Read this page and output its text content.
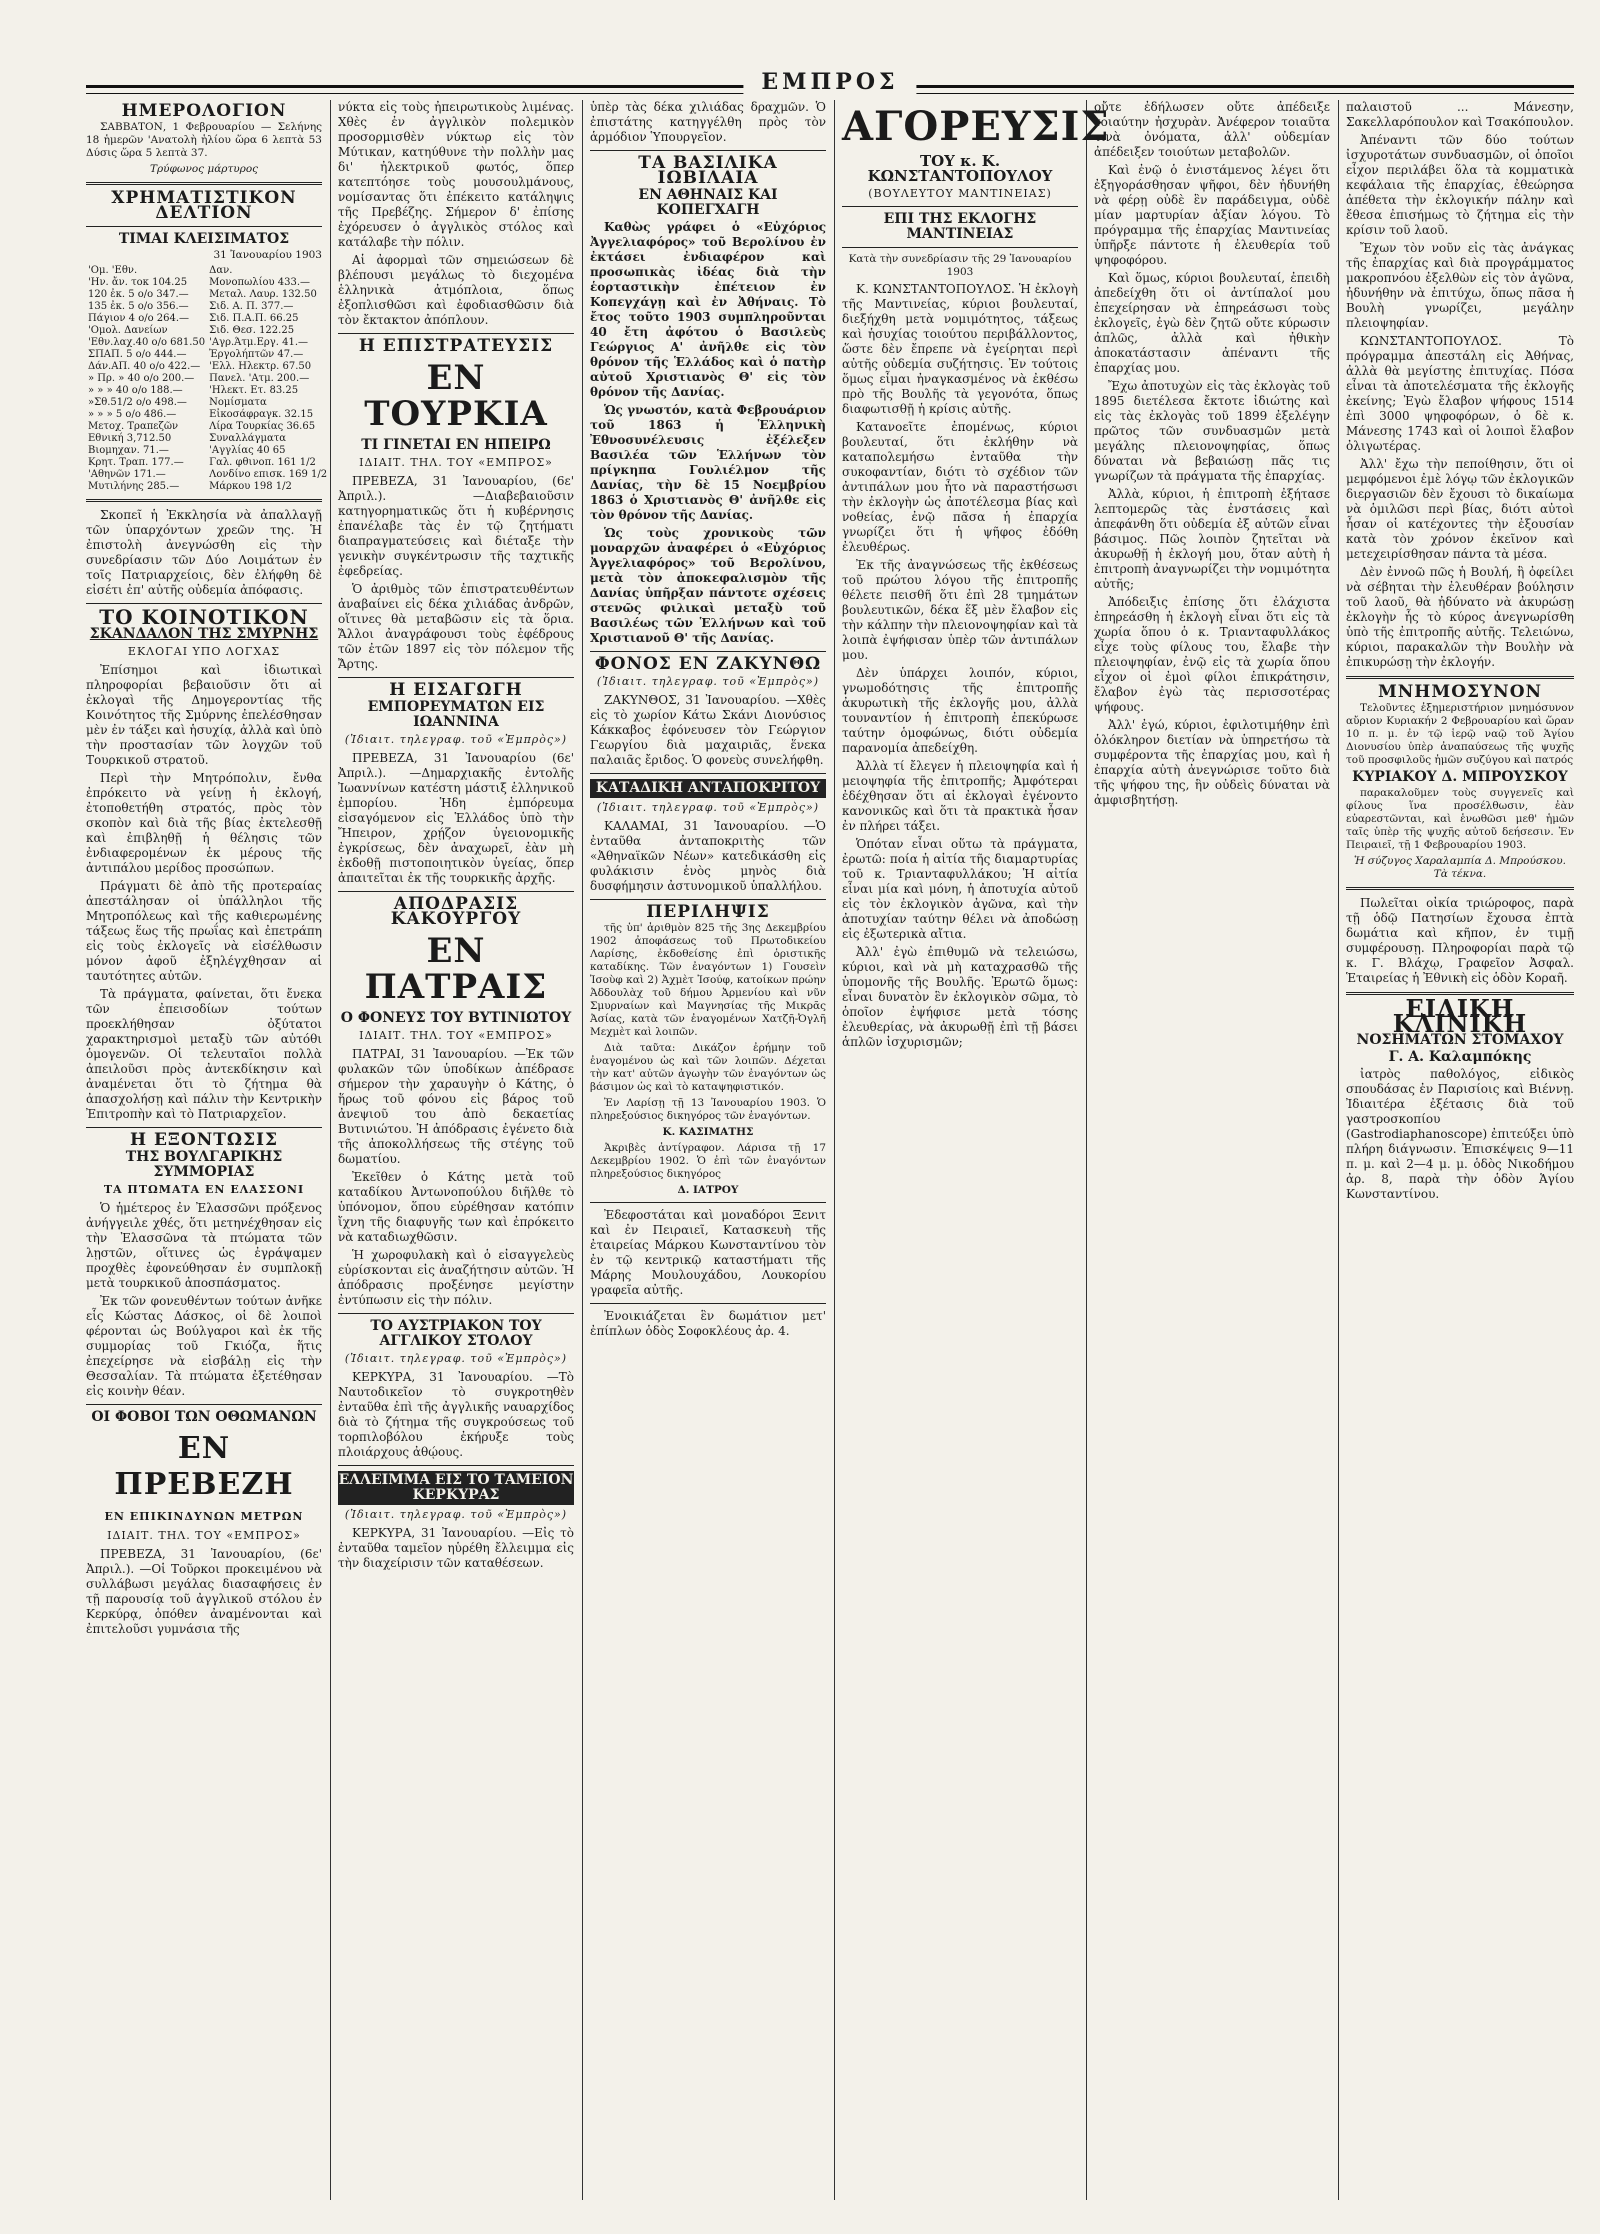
ΕΜΠΡΟΣ
ΗΜΕΡΟΛΟΓΙΟΝ

ΣΑΒΒΑΤΟΝ, 1 Φεβρουαρίου — Σελήνης 18 ἡμερῶν 'Ανατολὴ ἡλίου ὥρα 6 λεπτὰ 53 Δύσις ὥρα 5 λεπτὰ 37.

Τρύφωνος μάρτυρος

ΧΡΗΜΑΤΙΣΤΙΚΟΝ ΔΕΛΤΙΟΝ
ΤΙΜΑΙ ΚΛΕΙΣΙΜΑΤΟΣ

31 Ἰανουαρίου 1903

'Ομ. 'Εθν.	Δαν.
'Ην. ἄν. τοκ 104.25	Μονοπωλίου 433.—
120 ἐκ. 5 ο/ο 347.—	Μεταλ. Λαυρ. 132.50
135 ἐκ. 5 ο/ο 356.—	Σιδ. Α. Π. 377.—
Πάγιον 4 ο/ο 264.—	Σιδ. Π.Α.Π. 66.25
'Ομολ. Δανείων	Σιδ. Θεσ. 122.25
'Εθν.λαχ.40 ο/ο 681.50	'Αγρ.Άτμ.Εργ. 41.—
ΣΠΑΠ. 5 ο/ο 444.—	Ἐργολήπτῶν 47.—
Δάν.ΑΠ. 40 ο/ο 422.—	'Ελλ. Ηλεκτρ. 67.50
» Πρ. » 40 ο/ο 200.—	Πανελ. 'Ατμ. 200.—
» » » 40 ο/ο 188.—	'Ηλεκτ. Ετ. 83.25
»Σθ.51/2 ο/ο 498.—	Νομίσματα
» » » 5 ο/ο 486.—	Εἰκοσάφραγκ. 32.15
Μετοχ. Τραπεζῶν	Λίρα Τουρκίας 36.65
Εθνική 3,712.50	Συναλλάγματα
Βιομηχαν. 71.—	'Αγγλίας 40 65
Κρητ. Τραπ. 177.—	Γαλ. φθινοπ. 161 1/2
'Αθηνῶν 171.—	Λονδίνο επισκ. 169 1/2
Μυτιλήνης 285.—	Μάρκου 198 1/2

Σκοπεῖ ἡ Ἐκκλησία νὰ ἀπαλλαγῇ τῶν ὑπαρχόντων χρεῶν της. Ἡ ἐπιστολὴ ἀνεγνώσθη εἰς τὴν συνεδρίασιν τῶν Δύο Λοιμάτων ἐν τοῖς Πατριαρχείοις, δὲν ἐλήφθη δὲ εἰσέτι ἐπ' αὐτῆς οὐδεμία ἀπόφασις.

ΤΟ ΚΟΙΝΟΤΙΚΟΝ
ΣΚΑΝΔΑΛΟΝ ΤΗΣ ΣΜΥΡΝΗΣ
ΕΚΛΟΓΑΙ ΥΠΟ ΛΟΓΧΑΣ

Ἐπίσημοι καὶ ἰδιωτικαὶ πληροφορίαι βεβαιοῦσιν ὅτι αἱ ἐκλογαὶ τῆς Δημογεροντίας τῆς Κοινότητος τῆς Σμύρνης ἐπελέσθησαν μὲν ἐν τάξει καὶ ἡσυχίᾳ, ἀλλὰ καὶ ὑπὸ τὴν προστασίαν τῶν λογχῶν τοῦ Τουρκικοῦ στρατοῦ.

Περὶ τὴν Μητρόπολιν, ἔνθα ἐπρόκειτο νὰ γείνῃ ἡ ἐκλογή, ἐτοποθετήθη στρατός, πρὸς τὸν σκοπὸν καὶ διὰ τῆς βίας ἐκτελεσθῇ καὶ ἐπιβληθῇ ἡ θέλησις τῶν ἐνδιαφερομένων ἐκ μέρους τῆς ἀντιπάλου μερίδος προσώπων.

Πράγματι δὲ ἀπὸ τῆς προτεραίας ἀπεστάλησαν οἱ ὑπάλληλοι τῆς Μητροπόλεως καὶ τῆς καθιερωμένης τάξεως ἕως τῆς πρωΐας καὶ ἐπετράπη εἰς τοὺς ἐκλογεῖς νὰ εἰσέλθωσιν μόνον ἀφοῦ ἐξηλέγχθησαν αἱ ταυτότητες αὐτῶν.

Τὰ πράγματα, φαίνεται, ὅτι ἔνεκα τῶν ἐπεισοδίων τούτων προεκλήθησαν ὀξύτατοι χαρακτηρισμοὶ μεταξὺ τῶν αὐτόθι ὁμογενῶν. Οἱ τελευταῖοι πολλὰ ἀπειλοῦσι πρὸς ἀντεκδίκησιν καὶ ἀναμένεται ὅτι τὸ ζήτημα θὰ ἀπασχολήσῃ καὶ πάλιν τὴν Κεντρικὴν Ἐπιτροπὴν καὶ τὸ Πατριαρχεῖον.

Η ΕΞΟΝΤΩΣΙΣ
ΤΗΣ ΒΟΥΛΓΑΡΙΚΗΣ ΣΥΜΜΟΡΙΑΣ
ΤΑ ΠΤΩΜΑΤΑ ΕΝ ΕΛΑΣΣΟΝΙ

Ὁ ἡμέτερος ἐν Ἐλασσῶνι πρόξενος ἀνήγγειλε χθές, ὅτι μετηνέχθησαν εἰς τὴν Ἐλασσῶνα τὰ πτώματα τῶν λῃστῶν, οἵτινες ὡς ἐγράψαμεν προχθὲς ἐφονεύθησαν ἐν συμπλοκῇ μετὰ τουρκικοῦ ἀποσπάσματος.

Ἐκ τῶν φονευθέντων τούτων ἀνῆκε εἷς Κώστας Δάσκος, οἱ δὲ λοιποὶ φέρονται ὡς Βούλγαροι καὶ ἐκ τῆς συμμορίας τοῦ Γκιόζα, ἥτις ἐπεχείρησε νὰ εἰσβάλῃ εἰς τὴν Θεσσαλίαν. Τὰ πτώματα ἐξετέθησαν εἰς κοινὴν θέαν.

ΟΙ ΦΟΒΟΙ ΤΩΝ ΟΘΩΜΑΝΩΝ
ΕΝ ΠΡΕΒΕΖΗ
ΕΝ ΕΠΙΚΙΝΔΥΝΩΝ ΜΕΤΡΩΝ
ΙΔΙΑΙΤ. ΤΗΛ. ΤΟΥ «ΕΜΠΡΟΣ»

ΠΡΕΒΕΖΑ, 31 Ἰανουαρίου, (6ε' Ἀπριλ.). —Οἱ Τοῦρκοι προκειμένου νὰ συλλάβωσι μεγάλας διασαφήσεις ἐν τῇ παρουσίᾳ τοῦ ἀγγλικοῦ στόλου ἐν Κερκύρᾳ, ὁπόθεν ἀναμένονται καὶ ἐπιτελοῦσι γυμνάσια τῆς

νύκτα εἰς τοὺς ἠπειρωτικοὺς λιμένας. Χθὲς ἐν ἀγγλικὸν πολεμικὸν προσορμισθὲν νύκτωρ εἰς τὸν Μύτικαν, κατηύθυνε τὴν πολλὴν μας δι' ἠλεκτρικοῦ φωτός, ὅπερ κατεπτόησε τοὺς μουσουλμάνους, νομίσαντας ὅτι ἐπέκειτο κατάληψις τῆς Πρεβέζης. Σήμερον δ' ἐπίσης ἐχόρευσεν ὁ ἀγγλικὸς στόλος καὶ κατάλαβε τὴν πόλιν.

Αἱ ἀφορμαὶ τῶν σημειώσεων δὲ βλέπουσι μεγάλως τὸ διεχομένα ἑλληνικὰ ἀτμόπλοια, ὅπως ἐξοπλισθῶσι καὶ ἐφοδιασθῶσιν διὰ τὸν ἔκτακτον ἀπόπλουν.

Η ΕΠΙΣΤΡΑΤΕΥΣΙΣ
ΕΝ ΤΟΥΡΚΙΑ
ΤΙ ΓΙΝΕΤΑΙ ΕΝ ΗΠΕΙΡΩ
ΙΔΙΑΙΤ. ΤΗΛ. ΤΟΥ «ΕΜΠΡΟΣ»

ΠΡΕΒΕΖΑ, 31 Ἰανουαρίου, (6ε' Ἀπριλ.). —Διαβεβαιοῦσιν κατηγορηματικῶς ὅτι ἡ κυβέρνησις ἐπανέλαβε τὰς ἐν τῷ ζητήματι διαπραγματεύσεις καὶ διέταξε τὴν γενικὴν συγκέντρωσιν τῆς ταχτικῆς ἐφεδρείας.

Ὁ ἀριθμὸς τῶν ἐπιστρατευθέντων ἀναβαίνει εἰς δέκα χιλιάδας ἀνδρῶν, οἵτινες θὰ μεταβῶσιν εἰς τὰ ὅρια. Ἄλλοι ἀναγράφουσι τοὺς ἐφέδρους τῶν ἐτῶν 1897 εἰς τὸν πόλεμον τῆς Ἄρτης.

Η ΕΙΣΑΓΩΓΗ
ΕΜΠΟΡΕΥΜΑΤΩΝ ΕΙΣ ΙΩΑΝΝΙΝΑ
(Ἰδιαιτ. τηλεγραφ. τοῦ «Ἐμπρὸς»)

ΠΡΕΒΕΖΑ, 31 Ἰανουαρίου (6ε' Ἀπριλ.). —Δημαρχιακῆς ἐντολῆς Ἰωαννίνων κατέστη μάστιξ ἑλληνικοῦ ἐμπορίου. Ἡδη ἐμπόρευμα εἰσαγόμενον εἰς Ἑλλάδος ὑπὸ τὴν Ἤπειρον, χρῄζον ὑγειονομικῆς ἐγκρίσεως, δὲν ἀναχωρεῖ, ἐὰν μὴ ἐκδοθῇ πιστοποιητικὸν ὑγείας, ὅπερ ἀπαιτεῖται ἐκ τῆς τουρκικῆς ἀρχῆς.

ΑΠΟΔΡΑΣΙΣ ΚΑΚΟΥΡΓΟΥ
ΕΝ ΠΑΤΡΑΙΣ
Ο ΦΟΝΕΥΣ ΤΟΥ ΒΥΤΙΝΙΩΤΟΥ
ΙΔΙΑΙΤ. ΤΗΛ. ΤΟΥ «ΕΜΠΡΟΣ»

ΠΑΤΡΑΙ, 31 Ἰανουαρίου. —Ἐκ τῶν φυλακῶν τῶν ὑποδίκων ἀπέδρασε σήμερον τὴν χαραυγὴν ὁ Κάτης, ὁ ἥρως τοῦ φόνου εἰς βάρος τοῦ ἀνεψιοῦ του ἀπὸ δεκαετίας Βυτινιώτου. Ἡ ἀπόδρασις ἐγένετο διὰ τῆς ἀποκολλήσεως τῆς στέγης τοῦ δωματίου.

Ἐκεῖθεν ὁ Κάτης μετὰ τοῦ καταδίκου Ἀντωνοπούλου διῆλθε τὸ ὑπόνομον, ὅπου εὑρέθησαν κατόπιν ἴχνη τῆς διαφυγῆς των καὶ ἐπρόκειτο νὰ καταδιωχθῶσιν.

Ἡ χωροφυλακὴ καὶ ὁ εἰσαγγελεὺς εὑρίσκονται εἰς ἀναζήτησιν αὐτῶν. Ἡ ἀπόδρασις προξένησε μεγίστην ἐντύπωσιν εἰς τὴν πόλιν.

ΤΟ ΑΥΣΤΡΙΑΚΟΝ ΤΟΥ ΑΓΓΛΙΚΟΥ ΣΤΟΛΟΥ
(Ἰδιαιτ. τηλεγραφ. τοῦ «Ἐμπρὸς»)

ΚΕΡΚΥΡΑ, 31 Ἰανουαρίου. —Τὸ Ναυτοδικεῖον τὸ συγκροτηθὲν ἐνταῦθα ἐπὶ τῆς ἀγγλικῆς ναυαρχίδος διὰ τὸ ζήτημα τῆς συγκρούσεως τοῦ τορπιλοβόλου ἐκήρυξε τοὺς πλοιάρχους ἀθῴους.

ΕΛΛΕΙΜΜΑ ΕΙΣ ΤΟ ΤΑΜΕΙΟΝ ΚΕΡΚΥΡΑΣ
(Ἰδιαιτ. τηλεγραφ. τοῦ «Ἐμπρὸς»)

ΚΕΡΚΥΡΑ, 31 Ἰανουαρίου. —Εἰς τὸ ἐνταῦθα ταμεῖον ηὑρέθη ἔλλειμμα εἰς τὴν διαχείρισιν τῶν καταθέσεων.

ὑπὲρ τὰς δέκα χιλιάδας δραχμῶν. Ὁ ἐπιστάτης κατηγγέλθη πρὸς τὸν ἁρμόδιον Ὑπουργεῖον.

ΤΑ ΒΑΣΙΛΙΚΑ ΙΩΒΙΛΑΙΑ
ΕΝ ΑΘΗΝΑΙΣ ΚΑΙ ΚΟΠΕΓΧΑΓΗ

Καθὼς γράφει ὁ «Εὐχόριος Ἀγγελιαφόρος» τοῦ Βερολίνου ἐν ἐκτάσει ἐνδιαφέρον καὶ προσωπικὰς ἰδέας διὰ τὴν ἑορταστικὴν ἐπέτειον ἐν Κοπεγχάγῃ καὶ ἐν Ἀθήναις. Τὸ ἔτος τοῦτο 1903 συμπληροῦνται 40 ἔτη ἀφότου ὁ Βασιλεὺς Γεώργιος Α' ἀνῆλθε εἰς τὸν θρόνον τῆς Ἑλλάδος καὶ ὁ πατὴρ αὐτοῦ Χριστιανὸς Θ' εἰς τὸν θρόνον τῆς Δανίας.

Ὡς γνωστόν, κατὰ Φεβρουάριον τοῦ 1863 ἡ Ἑλληνικὴ Ἐθνοσυνέλευσις ἐξέλεξεν Βασιλέα τῶν Ἑλλήνων τὸν πρίγκηπα Γουλιέλμον τῆς Δανίας, τὴν δὲ 15 Νοεμβρίου 1863 ὁ Χριστιανὸς Θ' ἀνῆλθε εἰς τὸν θρόνον τῆς Δανίας.

Ὡς τοὺς χρονικοὺς τῶν μοναρχῶν ἀναφέρει ὁ «Εὐχόριος Ἀγγελιαφόρος» τοῦ Βερολίνου, μετὰ τὸν ἀποκεφαλισμὸν τῆς Δανίας ὑπῆρξαν πάντοτε σχέσεις στενῶς φιλικαὶ μεταξὺ τοῦ Βασιλέως τῶν Ἑλλήνων καὶ τοῦ Χριστιανοῦ Θ' τῆς Δανίας.

ΦΟΝΟΣ ΕΝ ΖΑΚΥΝΘΩ
(Ἰδιαιτ. τηλεγραφ. τοῦ «Ἐμπρὸς»)

ΖΑΚΥΝΘΟΣ, 31 Ἰανουαρίου. —Χθὲς εἰς τὸ χωρίον Κάτω Σκάνι Διονύσιος Κάκκαβος ἐφόνευσεν τὸν Γεώργιον Γεωργίου διὰ μαχαιριᾶς, ἕνεκα παλαιᾶς ἔριδος. Ὁ φονεὺς συνελήφθη.

ΚΑΤΑΔΙΚΗ ΑΝΤΑΠΟΚΡΙΤΟΥ
(Ἰδιαιτ. τηλεγραφ. τοῦ «Ἐμπρὸς»)

ΚΑΛΑΜΑΙ, 31 Ἰανουαρίου. —Ὁ ἐνταῦθα ἀνταποκριτὴς τῶν «Ἀθηναϊκῶν Νέων» κατεδικάσθη εἰς φυλάκισιν ἑνὸς μηνὸς διὰ δυσφήμησιν ἀστυνομικοῦ ὑπαλλήλου.

ΠΕΡΙΛΗΨΙΣ

τῆς ὑπ' ἀριθμὸν 825 τῆς 3ης Δεκεμβρίου 1902 ἀποφάσεως τοῦ Πρωτοδικείου Λαρίσης, ἐκδοθείσης ἐπὶ ὁριστικῆς καταδίκης. Τῶν ἐναγόντων 1) Γουσεὶν Ἰσοὺφ καὶ 2) Ἀχμὲτ Ἰσούφ, κατοίκων πρώην Ἀδδουλὰχ τοῦ δήμου Ἀρμενίου καὶ νῦν Σμυρναίων καὶ Μαγνησίας τῆς Μικρᾶς Ἀσίας, κατὰ τῶν ἐναγομένων Χατζῆ-Ὀγλῆ Μεχμὲτ καὶ λοιπῶν.

Διὰ ταῦτα: Δικάζον ἐρήμην τοῦ ἐναγομένου ὡς καὶ τῶν λοιπῶν. Δέχεται τὴν κατ' αὐτῶν ἀγωγὴν τῶν ἐναγόντων ὡς βάσιμον ὡς καὶ τὸ καταψηφιστικόν.

Ἐν Λαρίσῃ τῇ 13 Ἰανουαρίου 1903. Ὁ πληρεξούσιος δικηγόρος τῶν ἐναγόντων.

Κ. ΚΑΣΙΜΑΤΗΣ

Ἀκριβὲς ἀντίγραφον. Λάρισα τῇ 17 Δεκεμβρίου 1902. Ὁ ἐπὶ τῶν ἐναγόντων πληρεξούσιος δικηγόρος

Δ. ΙΑΤΡΟΥ

Ἐδεφοστάται καὶ μοναδόροι Ξενιτ καὶ ἐν Πειραιεῖ, Κατασκευὴ τῆς ἐταιρείας Μάρκου Κωνσταντίνου τὸν ἐν τῷ κεντρικῷ καταστήματι τῆς Μάρης Μουλουχάδου, Λουκορίου γραφεῖα αὐτῆς.

Ἐνοικιάζεται ἓν δωμάτιον μετ' ἐπίπλων ὁδὸς Σοφοκλέους ἀρ. 4.

ΑΓΟΡΕΥΣΙΣ
ΤΟΥ κ. Κ. ΚΩΝΣΤΑΝΤΟΠΟΥΛΟΥ
(ΒΟΥΛΕΥΤΟΥ ΜΑΝΤΙΝΕΙΑΣ)
ΕΠΙ ΤΗΣ ΕΚΛΟΓΗΣ ΜΑΝΤΙΝΕΙΑΣ

Κατὰ τὴν συνεδρίασιν τῆς 29 Ἰανουαρίου 1903

Κ. ΚΩΝΣΤΑΝΤΟΠΟΥΛΟΣ. Ἡ ἐκλογὴ τῆς Μαντινείας, κύριοι βουλευταί, διεξήχθη μετὰ νομιμότητος, τάξεως καὶ ἡσυχίας τοιούτου περιβάλλοντος, ὥστε δὲν ἔπρεπε νὰ ἐγείρηται περὶ αὐτῆς οὐδεμία συζήτησις. Ἐν τούτοις ὅμως εἶμαι ἠναγκασμένος νὰ ἐκθέσω πρὸ τῆς Βουλῆς τὰ γεγονότα, ὅπως διαφωτισθῇ ἡ κρίσις αὐτῆς.

Κατανοεῖτε ἐπομένως, κύριοι βουλευταί, ὅτι ἐκλήθην νὰ καταπολεμήσω ἐνταῦθα τὴν συκοφαντίαν, διότι τὸ σχέδιον τῶν ἀντιπάλων μου ἦτο νὰ παραστήσωσι τὴν ἐκλογὴν ὡς ἀποτέλεσμα βίας καὶ νοθείας, ἐνῷ πᾶσα ἡ ἐπαρχία γνωρίζει ὅτι ἡ ψῆφος ἐδόθη ἐλευθέρως.

Ἐκ τῆς ἀναγνώσεως τῆς ἐκθέσεως τοῦ πρώτου λόγου τῆς ἐπιτροπῆς θέλετε πεισθῆ ὅτι ἐπὶ 28 τμημάτων βουλευτικῶν, δέκα ἕξ μὲν ἔλαβον εἰς τὴν κάλπην τὴν πλειονοψηφίαν καὶ τὰ λοιπὰ ἐψήφισαν ὑπὲρ τῶν ἀντιπάλων μου.

Δὲν ὑπάρχει λοιπόν, κύριοι, γνωμοδότησις τῆς ἐπιτροπῆς ἀκυρωτικὴ τῆς ἐκλογῆς μου, ἀλλὰ τουναντίον ἡ ἐπιτροπὴ ἐπεκύρωσε ταύτην ὁμοφώνως, διότι οὐδεμία παρανομία ἀπεδείχθη.

Ἀλλὰ τί ἔλεγεν ἡ πλειοψηφία καὶ ἡ μειοψηφία τῆς ἐπιτροπῆς; Ἀμφότεραι ἐδέχθησαν ὅτι αἱ ἐκλογαὶ ἐγένοντο κανονικῶς καὶ ὅτι τὰ πρακτικὰ ἦσαν ἐν πλήρει τάξει.

Ὁπόταν εἶναι οὕτω τὰ πράγματα, ἐρωτῶ: ποία ἡ αἰτία τῆς διαμαρτυρίας τοῦ κ. Τριανταφυλλάκου; Ἡ αἰτία εἶναι μία καὶ μόνη, ἡ ἀποτυχία αὐτοῦ εἰς τὸν ἐκλογικὸν ἀγῶνα, καὶ τὴν ἀποτυχίαν ταύτην θέλει νὰ ἀποδώσῃ εἰς ἐξωτερικὰ αἴτια.

Ἀλλ' ἐγὼ ἐπιθυμῶ νὰ τελειώσω, κύριοι, καὶ νὰ μὴ καταχρασθῶ τῆς ὑπομονῆς τῆς Βουλῆς. Ἐρωτῶ ὅμως: εἶναι δυνατὸν ἓν ἐκλογικὸν σῶμα, τὸ ὁποῖον ἐψήφισε μετὰ τόσης ἐλευθερίας, νὰ ἀκυρωθῇ ἐπὶ τῇ βάσει ἁπλῶν ἰσχυρισμῶν;

οὔτε ἐδήλωσεν οὔτε ἀπέδειξε τοιαύτην ἠσχυρὰν. Ἀνέφερον τοιαῦτα τινὰ ὀνόματα, ἀλλ' οὐδεμίαν ἀπέδειξεν τοιούτων μεταβολῶν.

Καὶ ἐνῷ ὁ ἐνιστάμενος λέγει ὅτι ἐξηγοράσθησαν ψῆφοι, δὲν ἠδυνήθη νὰ φέρῃ οὐδὲ ἓν παράδειγμα, οὐδὲ μίαν μαρτυρίαν ἀξίαν λόγου. Τὸ πρόγραμμα τῆς ἐπαρχίας Μαντινείας ὑπῆρξε πάντοτε ἡ ἐλευθερία τοῦ ψηφοφόρου.

Καὶ ὅμως, κύριοι βουλευταί, ἐπειδὴ ἀπεδείχθη ὅτι οἱ ἀντίπαλοί μου ἐπεχείρησαν νὰ ἐπηρεάσωσι τοὺς ἐκλογεῖς, ἐγὼ δὲν ζητῶ οὔτε κύρωσιν ἀπλῶς, ἀλλὰ καὶ ἠθικὴν ἀποκατάστασιν ἀπέναντι τῆς ἐπαρχίας μου.

Ἔχω ἀποτυχὼν εἰς τὰς ἐκλογὰς τοῦ 1895 διετέλεσα ἔκτοτε ἰδιώτης καὶ εἰς τὰς ἐκλογὰς τοῦ 1899 ἐξελέγην πρῶτος τῶν συνδυασμῶν μετὰ μεγάλης πλειονοψηφίας, ὅπως δύναται νὰ βεβαιώσῃ πᾶς τις γνωρίζων τὰ πράγματα τῆς ἐπαρχίας.

Ἀλλὰ, κύριοι, ἡ ἐπιτροπὴ ἐξήτασε λεπτομερῶς τὰς ἐνστάσεις καὶ ἀπεφάνθη ὅτι οὐδεμία ἐξ αὐτῶν εἶναι βάσιμος. Πῶς λοιπὸν ζητεῖται νὰ ἀκυρωθῇ ἡ ἐκλογή μου, ὅταν αὐτὴ ἡ ἐπιτροπὴ ἀναγνωρίζει τὴν νομιμότητα αὐτῆς;

Ἀπόδειξις ἐπίσης ὅτι ἐλάχιστα ἐπηρεάσθη ἡ ἐκλογὴ εἶναι ὅτι εἰς τὰ χωρία ὅπου ὁ κ. Τριανταφυλλάκος εἶχε τοὺς φίλους του, ἔλαβε τὴν πλειοψηφίαν, ἐνῷ εἰς τὰ χωρία ὅπου εἶχον οἱ ἐμοὶ φίλοι ἐπικράτησιν, ἔλαβον ἐγὼ τὰς περισσοτέρας ψήφους.

Ἀλλ' ἐγώ, κύριοι, ἐφιλοτιμήθην ἐπὶ ὁλόκληρον διετίαν νὰ ὑπηρετήσω τὰ συμφέροντα τῆς ἐπαρχίας μου, καὶ ἡ ἐπαρχία αὐτὴ ἀνεγνώρισε τοῦτο διὰ τῆς ψήφου της, ἣν οὐδεὶς δύναται νὰ ἀμφισβητήσῃ.

παλαιστοῦ ... Μάνεσην, Σακελλαρόπουλον καὶ Τσακόπουλον.

Ἀπέναντι τῶν δύο τούτων ἰσχυροτάτων συνδυασμῶν, οἱ ὁποῖοι εἶχον περιλάβει ὅλα τὰ κομματικὰ κεφάλαια τῆς ἐπαρχίας, ἐθεώρησα ἀπέθετα τὴν ἐκλογικήν πάλην καὶ ἔθεσα ἐπισήμως τὸ ζήτημα εἰς τὴν κρίσιν τοῦ λαοῦ.

Ἔχων τὸν νοῦν εἰς τὰς ἀνάγκας τῆς ἐπαρχίας καὶ διὰ προγράμματος μακροπνόου ἐξελθὼν εἰς τὸν ἀγῶνα, ἠδυνήθην νὰ ἐπιτύχω, ὅπως πᾶσα ἡ Βουλὴ γνωρίζει, μεγάλην πλειοψηφίαν.

ΚΩΝΣΤΑΝΤΟΠΟΥΛΟΣ. Τὸ πρόγραμμα ἀπεστάλη εἰς Ἀθήνας, ἀλλὰ θὰ μεγίστης ἐπιτυχίας. Πόσα εἶναι τὰ ἀποτελέσματα τῆς ἐκλογῆς ἐκείνης; Ἐγὼ ἔλαβον ψήφους 1514 ἐπὶ 3000 ψηφοφόρων, ὁ δὲ κ. Μάνεσης 1743 καὶ οἱ λοιποὶ ἔλαβον ὀλιγωτέρας.

Ἀλλ' ἔχω τὴν πεποίθησιν, ὅτι οἱ μεμφόμενοι ἐμὲ λόγῳ τῶν ἐκλογικῶν διεργασιῶν δὲν ἔχουσι τὸ δικαίωμα νὰ ὁμιλῶσι περὶ βίας, διότι αὐτοὶ ἦσαν οἱ κατέχοντες τὴν ἐξουσίαν κατὰ τὸν χρόνον ἐκεῖνον καὶ μετεχειρίσθησαν πάντα τὰ μέσα.

Δὲν ἐννοῶ πῶς ἡ Βουλή, ἣ ὀφείλει νὰ σέβηται τὴν ἐλευθέραν βούλησιν τοῦ λαοῦ, θὰ ἠδύνατο νὰ ἀκυρώσῃ ἐκλογὴν ἧς τὸ κύρος ἀνεγνωρίσθη ὑπὸ τῆς ἐπιτροπῆς αὐτῆς. Τελειώνω, κύριοι, παρακαλῶν τὴν Βουλὴν νὰ ἐπικυρώσῃ τὴν ἐκλογήν.

ΜΝΗΜΟΣΥΝΟΝ

Τελοῦντες ἐξημεριστήριον μνημόσυνον αὔριον Κυριακήν 2 Φεβρουαρίου καὶ ὥραν 10 π. μ. ἐν τῷ ἱερῷ ναῷ τοῦ Ἁγίου Διονυσίου ὑπὲρ ἀναπαύσεως τῆς ψυχῆς τοῦ προσφιλοῦς ἡμῶν συζύγου καὶ πατρός

ΚΥΡΙΑΚΟΥ Δ. ΜΠΡΟΥΣΚΟΥ

παρακαλοῦμεν τοὺς συγγενεῖς καὶ φίλους ἵνα προσέλθωσιν, ἐὰν εὐαρεστῶνται, καὶ ἑνωθῶσι μεθ' ἡμῶν ταῖς ὑπὲρ τῆς ψυχῆς αὐτοῦ δεήσεσιν. Ἐν Πειραιεῖ, τῇ 1 Φεβρουαρίου 1903.

Ἡ σύζυγος Χαραλαμπία Δ. Μπρούσκου. Τὰ τέκνα.

Πωλεῖται οἰκία τριώροφος, παρὰ τῇ ὁδῷ Πατησίων ἔχουσα ἐπτὰ δωμάτια καὶ κῆπον, ἐν τιμῇ συμφέρουσῃ. Πληροφορίαι παρὰ τῷ κ. Γ. Βλάχῳ, Γραφεῖον Ἀσφαλ. Ἑταιρείας ἡ Ἐθνικὴ εἰς ὁδὸν Κοραῆ.

ΕΙΔΙΚΗ ΚΛΙΝΙΚΗ
ΝΟΣΗΜΑΤΩΝ ΣΤΟΜΑΧΟΥ
Γ. Α. Καλαμπόκης

ἰατρὸς παθολόγος, εἰδικὸς σπουδάσας ἐν Παρισίοις καὶ Βιέννῃ. Ἰδιαιτέρα ἐξέτασις διὰ τοῦ γαστροσκοπίου (Gastrodiaphanoscope) ἐπιτεύξει ὑπὸ πλήρη διάγνωσιν. Ἐπισκέψεις 9—11 π. μ. καὶ 2—4 μ. μ. ὁδὸς Νικοδήμου ἀρ. 8, παρὰ τὴν ὁδὸν Ἁγίου Κωνσταντίνου.
